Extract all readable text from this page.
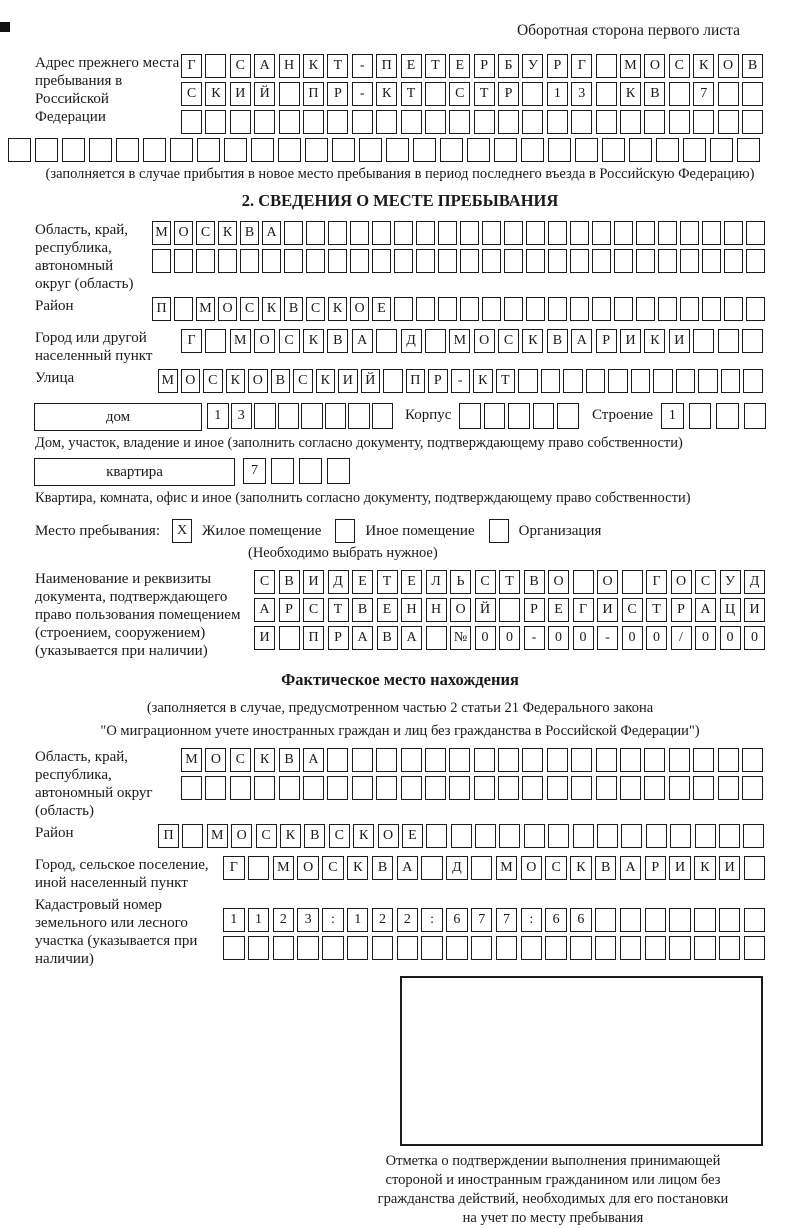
Оборотная сторона первого листа
Адрес прежнего места пребывания в Российской Федерации
Г	С	А	Н	К	Т	-	П	Е	Т	Е	Р	Б	У	Р	Г	М О	С	К	О	В
С	К	И	Й	П	Р	-	К	Т	С	Т	Р	1	3	К	В	7
(заполняется в случае прибытия в новое место пребывания в период последнего въезда в Российскую Федерацию)
2. СВЕДЕНИЯ О МЕСТЕ ПРЕБЫВАНИЯ
Область, край, республика, автономный округ (область)
М О С К В А
Район	П	М О С К В С К О Е
Город или другой населенный пункт
Г	М О	С	К	В	А	Д	М О	С	К	В	А	Р	И	К	И
Улица	М О С К О В С К И Й	П Р	-	К Т
дом	1	3	Корпус	Строение	1
Дом, участок, владение и иное (заполнить согласно документу, подтверждающему право собственности)
квартира	7
Квартира, комната, офис и иное (заполнить согласно документу, подтверждающему право собственности)
Место пребывания:	X Жилое помещение	Иное помещение	Организация
(Необходимо выбрать нужное)
Наименование и реквизиты документа, подтверждающего право пользования помещением (строением, сооружением) (указывается при наличии)
С	В	И	Д	Е	Т	Е	Л	Ь	С	Т	В	О	О	Г	О	С	У	Д
А	Р	С	Т	В	Е	Н	Н	О	Й	Р	Е	Г	И	С	Т	Р	А	Ц	И
И	П	Р	А	В	А	№	0	0	-	0	0	-	0	0	/	0	0	0
Фактическое место нахождения
(заполняется в случае, предусмотренном частью 2 статьи 21 Федерального закона
"О миграционном учете иностранных граждан и лиц без гражданства в Российской Федерации")
Область, край, республика, автономный округ (область)
М О	С	К	В	А
Район	П	М О	С	К	В	С	К	О	Е
Город, сельское поселение, иной населенный пункт
Г	М О	С	К	В	А	Д	М О	С	К	В	А	Р	И	К	И
Кадастровый номер земельного или лесного участка (указывается при наличии)
1	1	2	3	:	1	2	2	:	6	7	7	:	6	6
Отметка о подтверждении выполнения принимающей
стороной и иностранным гражданином или лицом без
гражданства действий, необходимых для его постановки
на учет по месту пребывания
